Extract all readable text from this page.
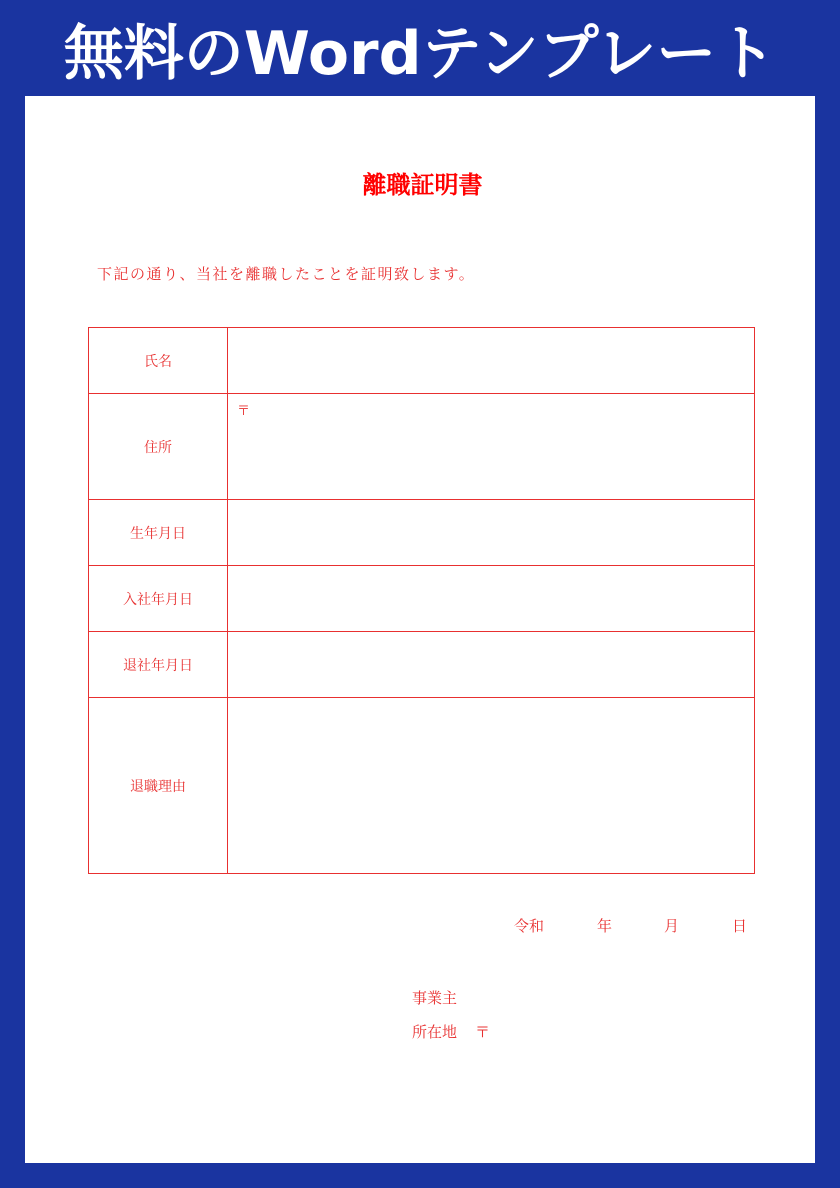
無料のWordテンプレート
離職証明書
下記の通り、当社を離職したことを証明致します。
氏名	
住所	〒

生年月日	
入社年月日	
退社年月日	
退職理由	
令和	年	月	日
事業主
所在地 〒
